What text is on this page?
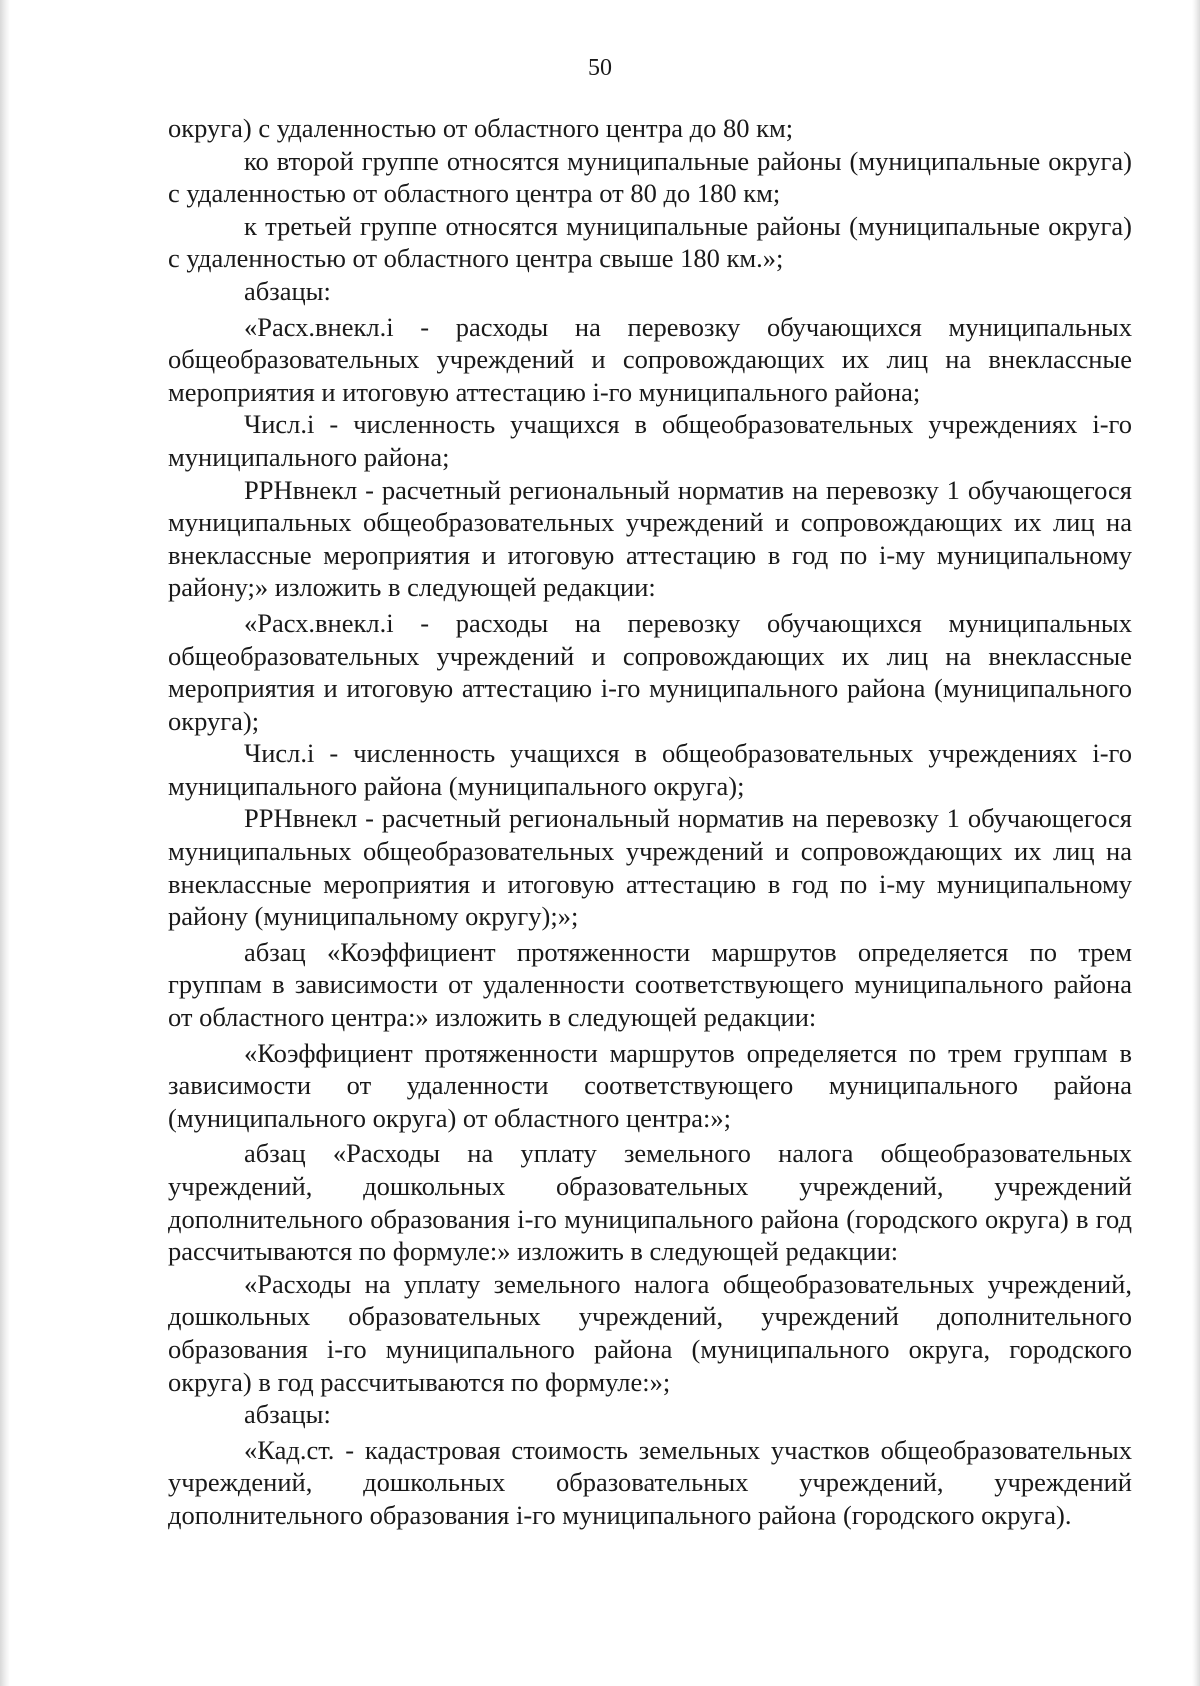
50

округа) с удаленностью от областного центра до 80 км;

ко второй группе относятся муниципальные районы (муниципальные округа) с удаленностью от областного центра от 80 до 180 км;

к третьей группе относятся муниципальные районы (муниципальные округа) с удаленностью от областного центра свыше 180 км.»;

абзацы:

«Расх.внекл.i - расходы на перевозку обучающихся муниципальных общеобразовательных учреждений и сопровождающих их лиц на внеклассные мероприятия и итоговую аттестацию i-го муниципального района;

Числ.i - численность учащихся в общеобразовательных учреждениях i-го муниципального района;

РРНвнекл - расчетный региональный норматив на перевозку 1 обучающегося муниципальных общеобразовательных учреждений и сопровождающих их лиц на внеклассные мероприятия и итоговую аттестацию в год по i-му муниципальному району;» изложить в следующей редакции:

«Расх.внекл.i - расходы на перевозку обучающихся муниципальных общеобразовательных учреждений и сопровождающих их лиц на внеклассные мероприятия и итоговую аттестацию i-го муниципального района (муниципального округа);

Числ.i - численность учащихся в общеобразовательных учреждениях i-го муниципального района (муниципального округа);

РРНвнекл - расчетный региональный норматив на перевозку 1 обучающегося муниципальных общеобразовательных учреждений и сопровождающих их лиц на внеклассные мероприятия и итоговую аттестацию в год по i-му муниципальному району (муниципальному округу);»;

абзац «Коэффициент протяженности маршрутов определяется по трем группам в зависимости от удаленности соответствующего муниципального района от областного центра:» изложить в следующей редакции:

«Коэффициент протяженности маршрутов определяется по трем группам в зависимости от удаленности соответствующего муниципального района (муниципального округа) от областного центра:»;

абзац «Расходы на уплату земельного налога общеобразовательных учреждений, дошкольных образовательных учреждений, учреждений дополнительного образования i-го муниципального района (городского округа) в год рассчитываются по формуле:» изложить в следующей редакции:

«Расходы на уплату земельного налога общеобразовательных учреждений, дошкольных образовательных учреждений, учреждений дополнительного образования i-го муниципального района (муниципального округа, городского округа) в год рассчитываются по формуле:»;

абзацы:

«Кад.ст. - кадастровая стоимость земельных участков общеобразовательных учреждений, дошкольных образовательных учреждений, учреждений дополнительного образования i-го муниципального района (городского округа).
